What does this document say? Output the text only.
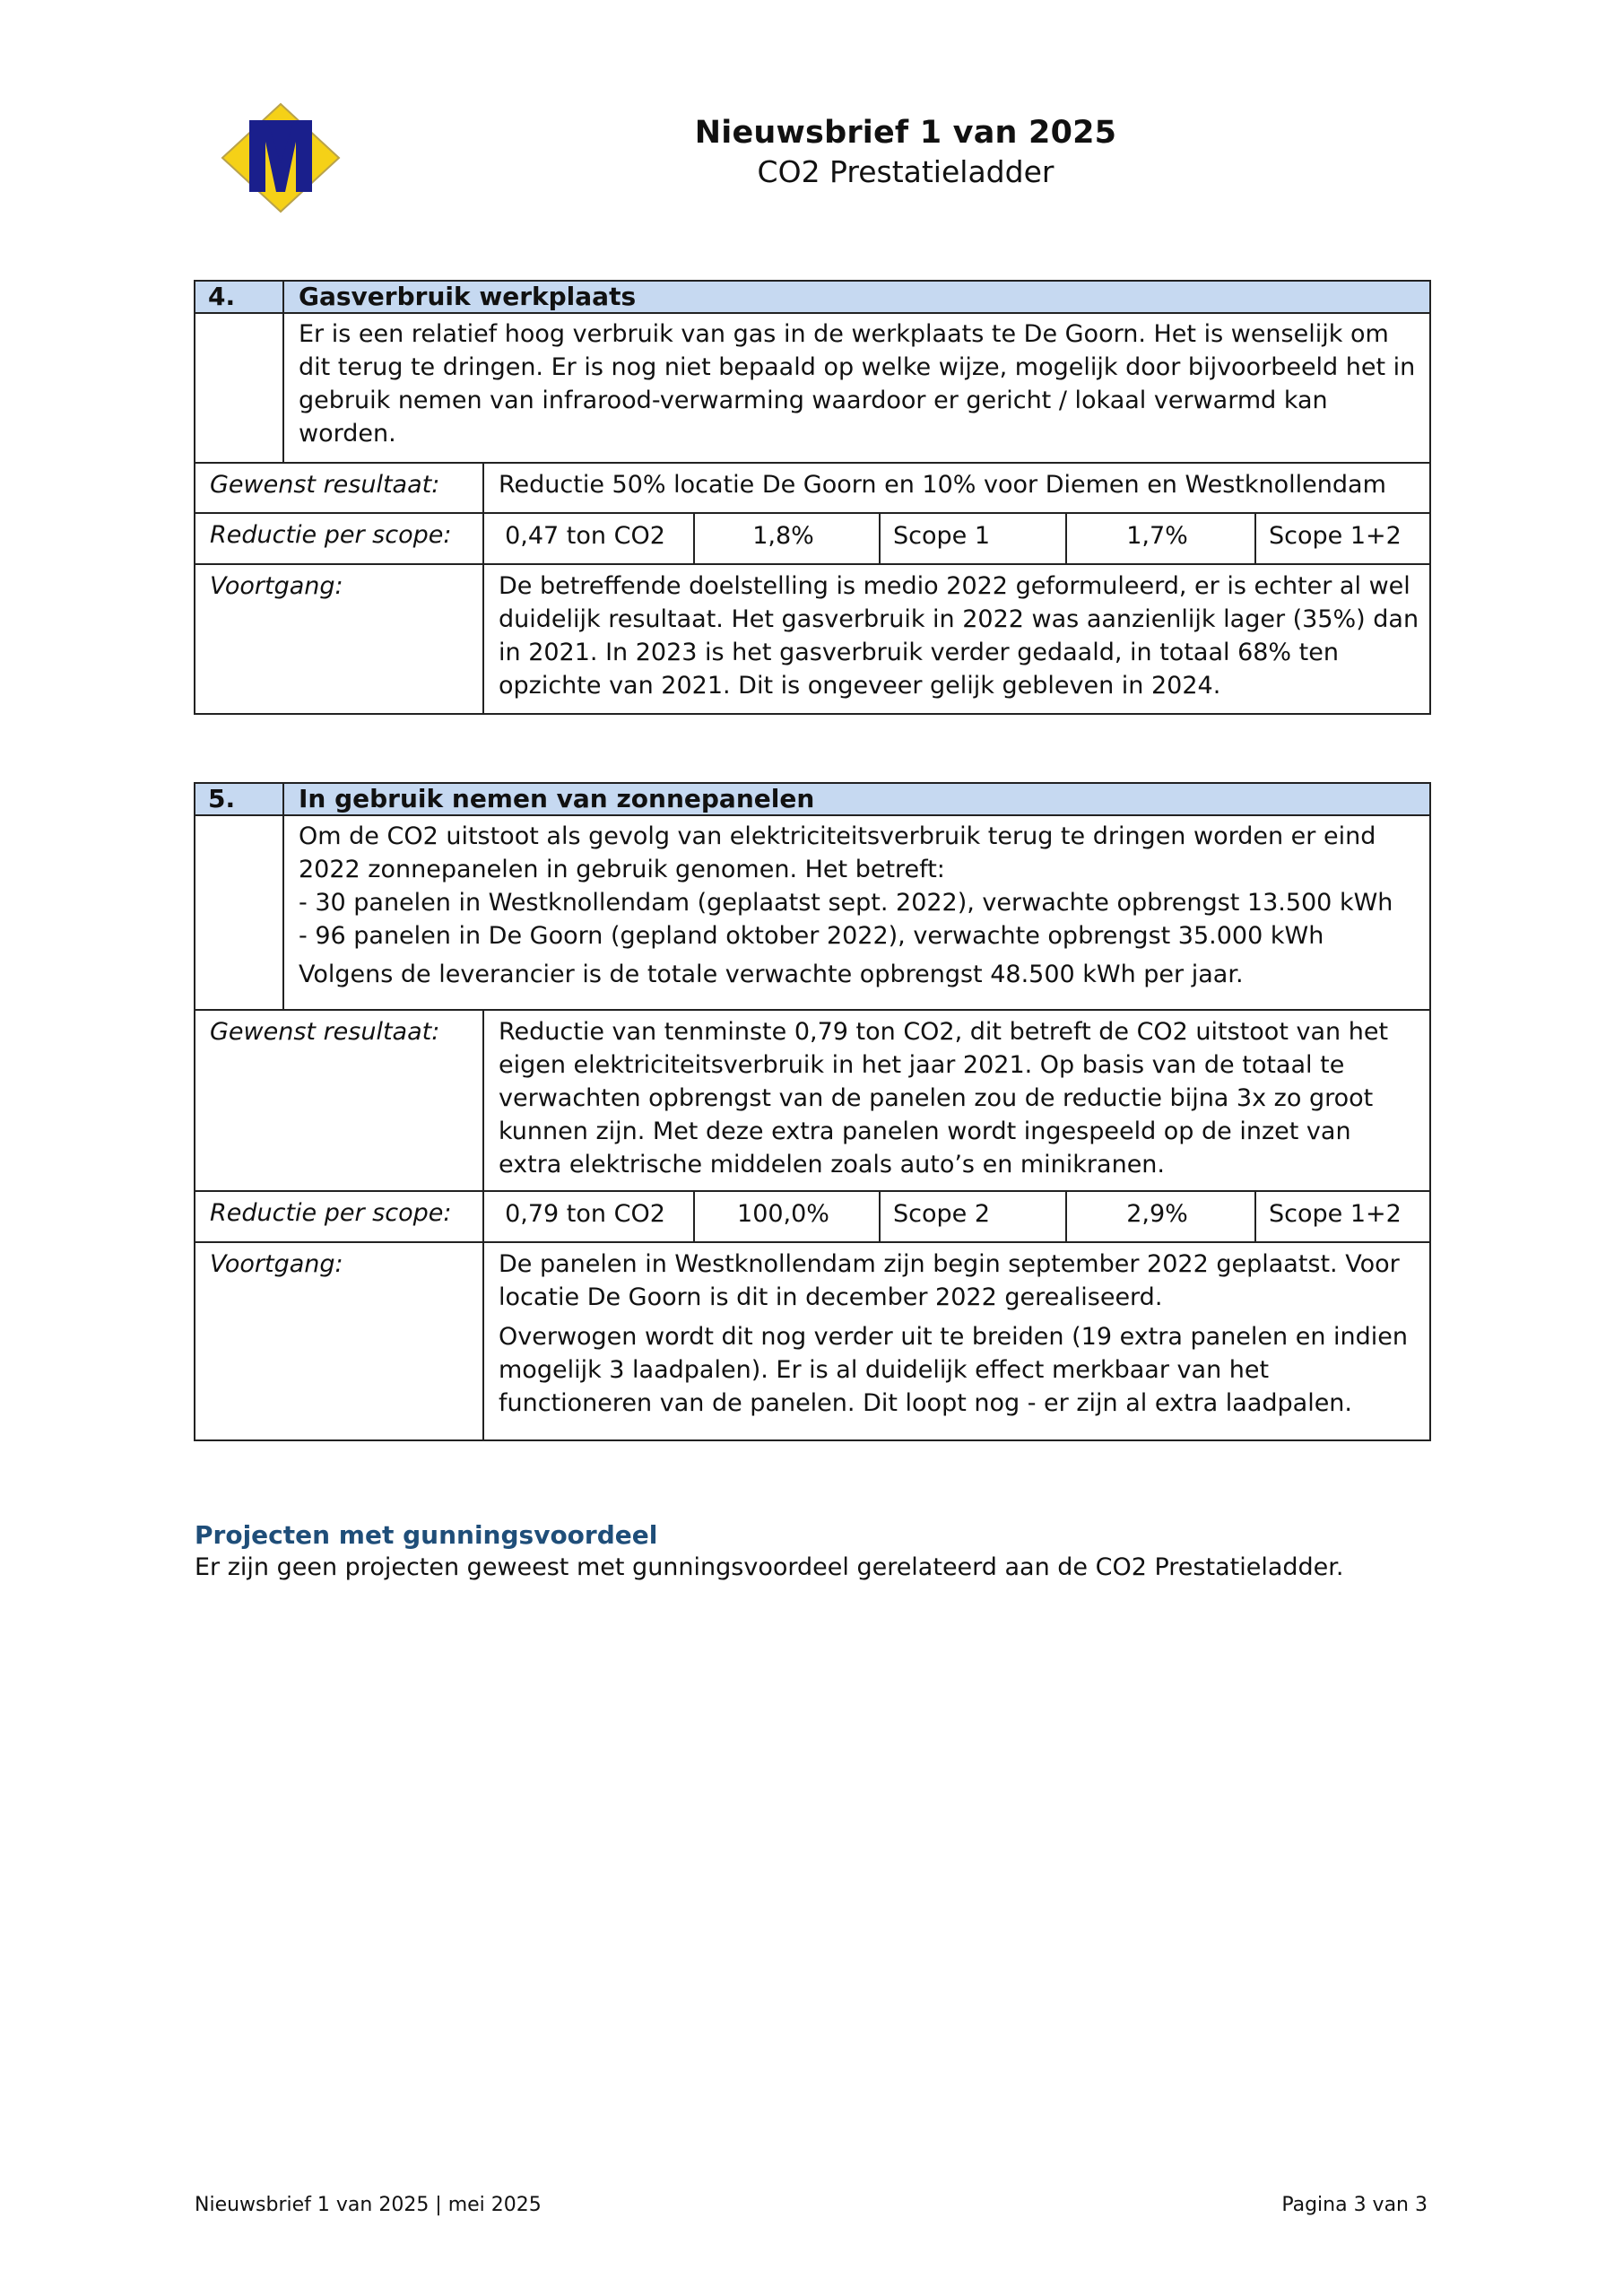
Nieuwsbrief 1 van 2025
CO2 Prestatieladder
4.	Gasverbruik werkplaats					
	Er is een relatief hoog verbruik van gas in de werkplaats te De Goorn. Het is wenselijk om dit terug te dringen. Er is nog niet bepaald op welke wijze, mogelijk door bijvoorbeeld het in gebruik nemen van infrarood-verwarming waardoor er gericht / lokaal verwarmd kan worden.					
Gewenst resultaat:		Reductie 50% locatie De Goorn en 10% voor Diemen en Westknollendam				
Reductie per scope:		0,47 ton CO2	1,8%	Scope 1	1,7%	Scope 1+2
Voortgang:		De betreffende doelstelling is medio 2022 geformuleerd, er is echter al wel duidelijk resultaat. Het gasverbruik in 2022 was aanzienlijk lager (35%) dan in 2021. In 2023 is het gasverbruik verder gedaald, in totaal 68% ten opzichte van 2021. Dit is ongeveer gelijk gebleven in 2024.				
5.	In gebruik nemen van zonnepanelen					

	Om de CO2 uitstoot als gevolg van elektriciteitsverbruik terug te dringen worden er eind 2022 zonnepanelen in gebruik genomen. Het betreft:
- 30 panelen in Westknollendam (geplaatst sept. 2022), verwachte opbrengst 13.500 kWh
- 96 panelen in De Goorn (gepland oktober 2022), verwachte opbrengst 35.000 kWh
Volgens de leverancier is de totale verwachte opbrengst 48.500 kWh per jaar.					

Gewenst resultaat:		Reductie van tenminste 0,79 ton CO2, dit betreft de CO2 uitstoot van het eigen elektriciteitsverbruik in het jaar 2021. Op basis van de totaal te verwachten opbrengst van de panelen zou de reductie bijna 3x zo groot kunnen zijn. Met deze extra panelen wordt ingespeeld op de inzet van extra elektrische middelen zoals auto’s en minikranen.				
Reductie per scope:		0,79 ton CO2	100,0%	Scope 2	2,9%	Scope 1+2
Voortgang:		De panelen in Westknollendam zijn begin september 2022 geplaatst. Voor locatie De Goorn is dit in december 2022 gerealiseerd.

Overwogen wordt dit nog verder uit te breiden (19 extra panelen en indien mogelijk 3 laadpalen). Er is al duidelijk effect merkbaar van het functioneren van de panelen. Dit loopt nog - er zijn al extra laadpalen.				

Projecten met gunningsvoordeel
Er zijn geen projecten geweest met gunningsvoordeel gerelateerd aan de CO2 Prestatieladder.
Nieuwsbrief 1 van 2025 | mei 2025	Pagina 3 van 3
